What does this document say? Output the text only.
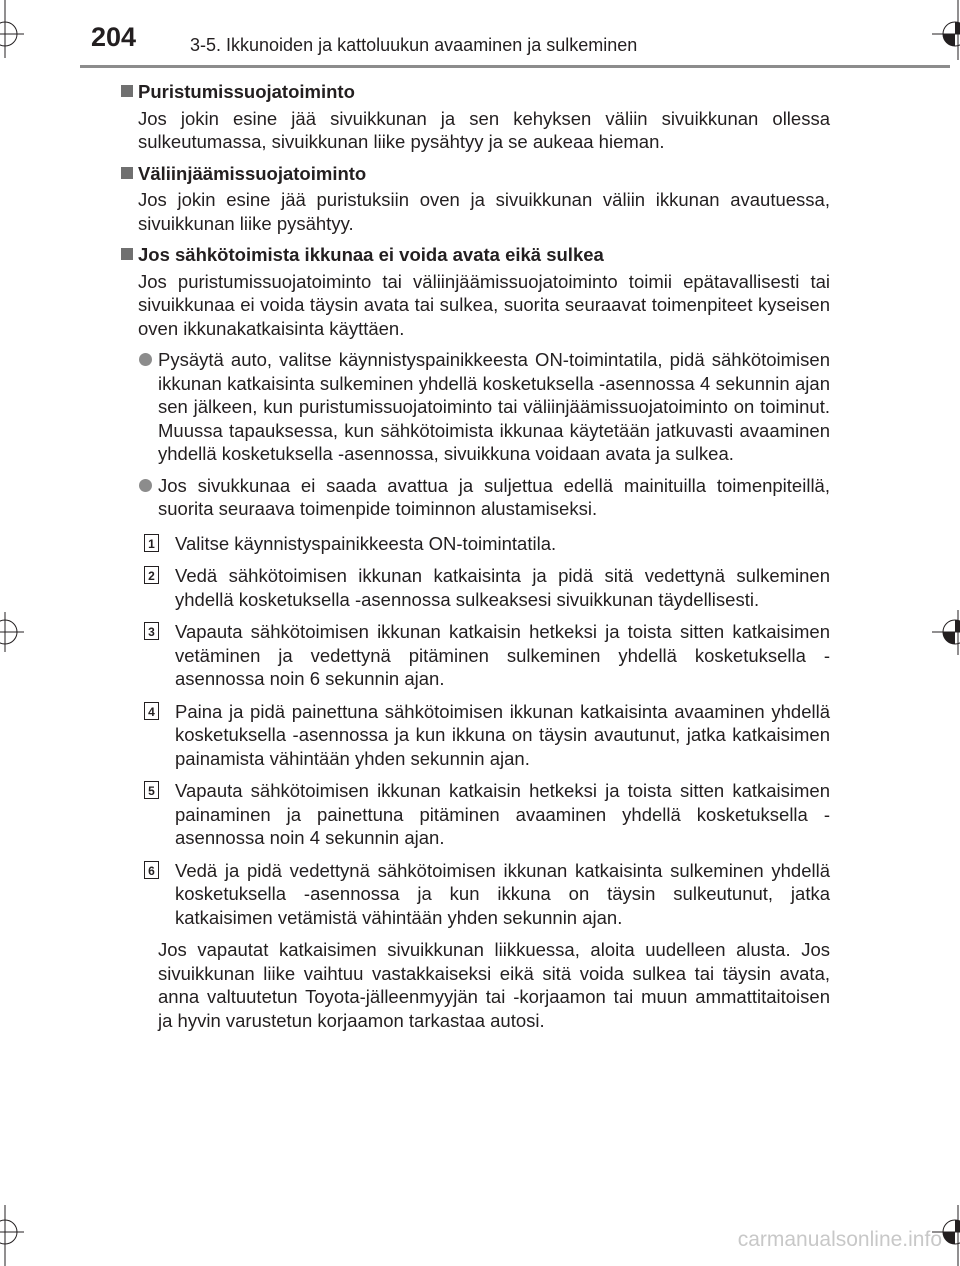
204	3-5. Ikkunoiden ja kattoluukun avaaminen ja sulkeminen
Puristumissuojatoiminto
Jos jokin esine jää sivuikkunan ja sen kehyksen väliin sivuikkunan ollessa sulkeutumassa, sivuikkunan liike pysähtyy ja se aukeaa hieman.
Väliinjäämissuojatoiminto
Jos jokin esine jää puristuksiin oven ja sivuikkunan väliin ikkunan avautuessa, sivuikkunan liike pysähtyy.
Jos sähkötoimista ikkunaa ei voida avata eikä sulkea
Jos puristumissuojatoiminto tai väliinjäämissuojatoiminto toimii epätavallisesti tai sivuikkunaa ei voida täysin avata tai sulkea, suorita seuraavat toimenpiteet kyseisen oven ikkunakatkaisinta käyttäen.
Pysäytä auto, valitse käynnistyspainikkeesta ON-toimintatila, pidä sähkötoimisen ikkunan katkaisinta sulkeminen yhdellä kosketuksella -asennossa 4 sekunnin ajan sen jälkeen, kun puristumissuojatoiminto tai väliinjäämissuojatoiminto on toiminut. Muussa tapauksessa, kun sähkötoimista ikkunaa käytetään jatkuvasti avaaminen yhdellä kosketuksella -asennossa, sivuikkuna voidaan avata ja sulkea.
Jos sivukkunaa ei saada avattua ja suljettua edellä mainituilla toimenpiteillä, suorita seuraava toimenpide toiminnon alustamiseksi.
1 Valitse käynnistyspainikkeesta ON-toimintatila.
2 Vedä sähkötoimisen ikkunan katkaisinta ja pidä sitä vedettynä sulkeminen yhdellä kosketuksella -asennossa sulkeaksesi sivuikkunan täydellisesti.
3 Vapauta sähkötoimisen ikkunan katkaisin hetkeksi ja toista sitten katkaisimen vetäminen ja vedettynä pitäminen sulkeminen yhdellä kosketuksella -asennossa noin 6 sekunnin ajan.
4 Paina ja pidä painettuna sähkötoimisen ikkunan katkaisinta avaaminen yhdellä kosketuksella -asennossa ja kun ikkuna on täysin avautunut, jatka katkaisimen painamista vähintään yhden sekunnin ajan.
5 Vapauta sähkötoimisen ikkunan katkaisin hetkeksi ja toista sitten katkaisimen painaminen ja painettuna pitäminen avaaminen yhdellä kosketuksella -asennossa noin 4 sekunnin ajan.
6 Vedä ja pidä vedettynä sähkötoimisen ikkunan katkaisinta sulkeminen yhdellä kosketuksella -asennossa ja kun ikkuna on täysin sulkeutunut, jatka katkaisimen vetämistä vähintään yhden sekunnin ajan.
Jos vapautat katkaisimen sivuikkunan liikkuessa, aloita uudelleen alusta. Jos sivuikkunan liike vaihtuu vastakkaiseksi eikä sitä voida sulkea tai täysin avata, anna valtuutetun Toyota-jälleenmyyjän tai -korjaamon tai muun ammattitaitoisen ja hyvin varustetun korjaamon tarkastaa autosi.
carmanualsonline.info
